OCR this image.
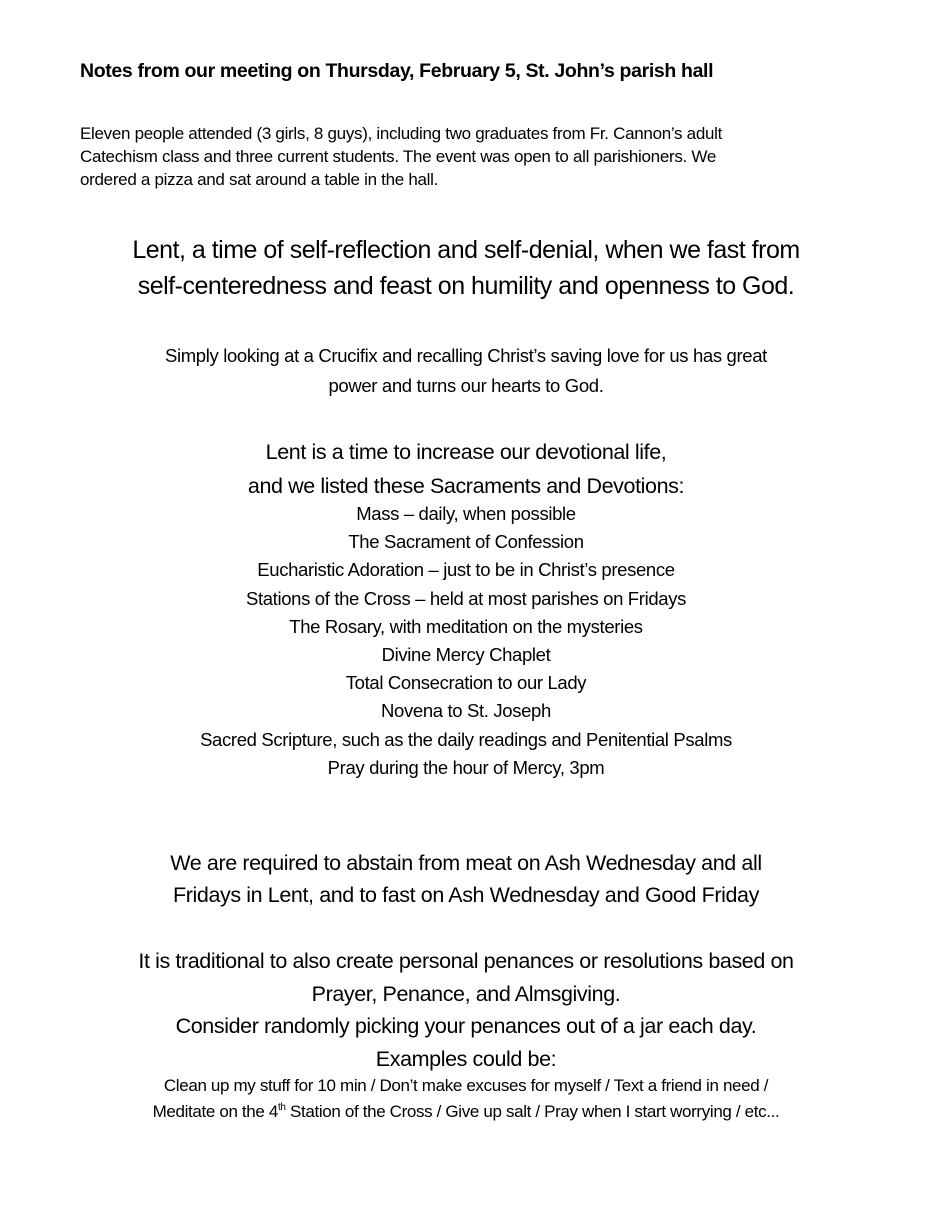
Notes from our meeting on Thursday, February 5, St. John’s parish hall
Eleven people attended (3 girls, 8 guys), including two graduates from Fr. Cannon’s adult
Catechism class and three current students. The event was open to all parishioners. We
ordered a pizza and sat around a table in the hall.
Lent, a time of self-reflection and self-denial, when we fast from
self-centeredness and feast on humility and openness to God.
Simply looking at a Crucifix and recalling Christ’s saving love for us has great
power and turns our hearts to God.
Lent is a time to increase our devotional life,
and we listed these Sacraments and Devotions:
Mass – daily, when possible
The Sacrament of Confession
Eucharistic Adoration – just to be in Christ’s presence
Stations of the Cross – held at most parishes on Fridays
The Rosary, with meditation on the mysteries
Divine Mercy Chaplet
Total Consecration to our Lady
Novena to St. Joseph
Sacred Scripture, such as the daily readings and Penitential Psalms
Pray during the hour of Mercy, 3pm
We are required to abstain from meat on Ash Wednesday and all
Fridays in Lent, and to fast on Ash Wednesday and Good Friday
It is traditional to also create personal penances or resolutions based on
Prayer, Penance, and Almsgiving.
Consider randomly picking your penances out of a jar each day.
Examples could be:
Clean up my stuff for 10 min / Don’t make excuses for myself / Text a friend in need /
Meditate on the 4th Station of the Cross / Give up salt / Pray when I start worrying / etc...
